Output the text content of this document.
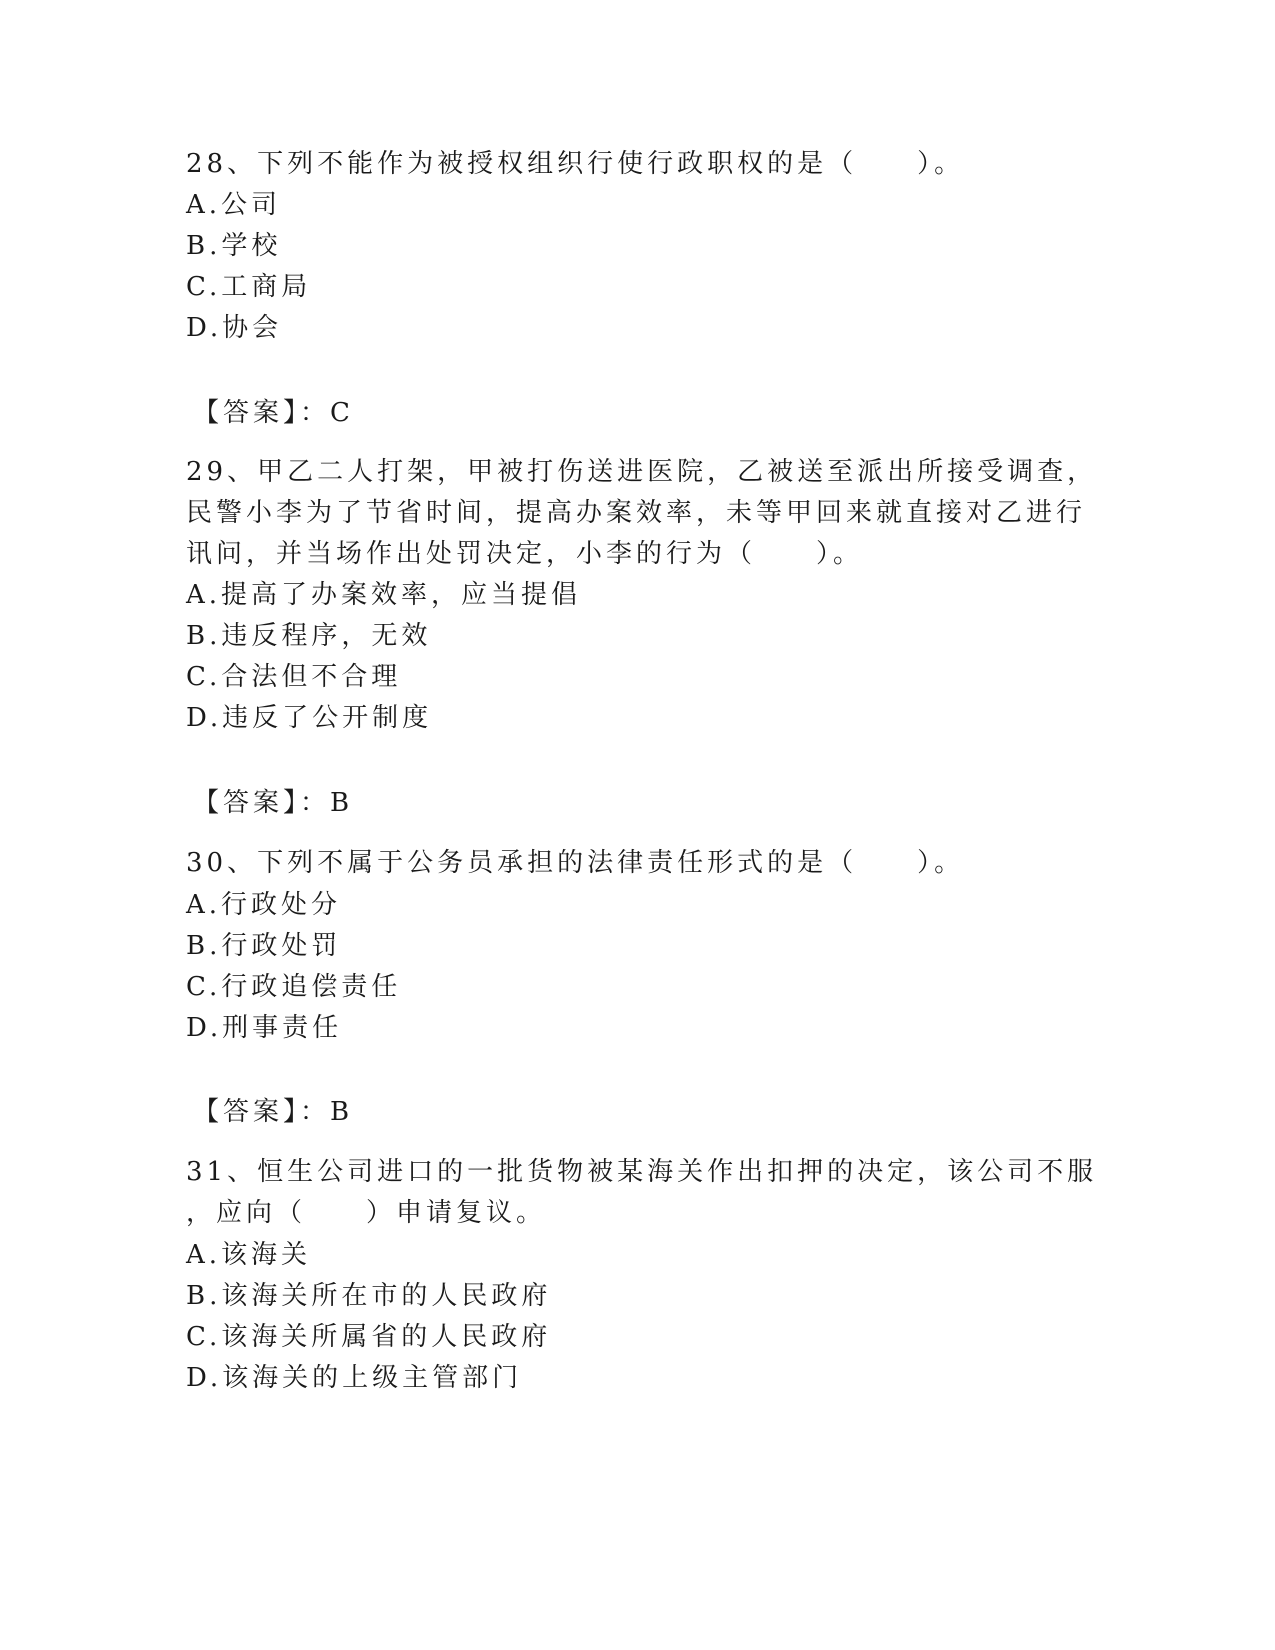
28、下列不能作为被授权组织行使行政职权的是（　　）。
A.公司
B.学校
C.工商局
D.协会
【答案】：C
29、甲乙二人打架，甲被打伤送进医院，乙被送至派出所接受调查，
民警小李为了节省时间，提高办案效率，未等甲回来就直接对乙进行
讯问，并当场作出处罚决定，小李的行为（　　）。
A.提高了办案效率，应当提倡
B.违反程序，无效
C.合法但不合理
D.违反了公开制度
【答案】：B
30、下列不属于公务员承担的法律责任形式的是（　　）。
A.行政处分
B.行政处罚
C.行政追偿责任
D.刑事责任
【答案】：B
31、恒生公司进口的一批货物被某海关作出扣押的决定，该公司不服
，应向（　　）申请复议。
A.该海关
B.该海关所在市的人民政府
C.该海关所属省的人民政府
D.该海关的上级主管部门
